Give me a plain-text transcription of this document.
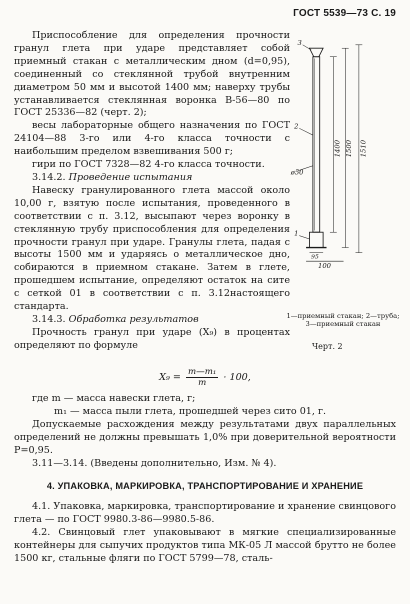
ГОСТ 5539—73 С. 19

Приспособление для определения прочности гранул глета при ударе представляет собой приемный стакан с металлическим дном (d=0,95), соединенный со стеклянной трубой внутренним диаметром 50 мм и высотой 1400 мм; наверху трубы устанавливается стеклянная воронка В-56—80 по ГОСТ 25336—82 (черт. 2);

весы лабораторные общего назначения по ГОСТ 24104—88 3-го или 4-го класса точности с наибольшим пределом взвешивания 500 г;

гири по ГОСТ 7328—82 4-го класса точности.

3.14.2. Проведение испытания

Навеску гранулированного глета массой около 10,00 г, взятую после испытания, проведенного в соответствии с п. 3.12, высыпают через воронку в стеклянную трубу приспособления для определения прочности гранул при ударе. Гранулы глета, падая с высоты 1500 мм и ударяясь о металлическое дно, собираются в приемном стакане. Затем в глете, прошедшем испытание, определяют остаток на сите с сеткой 01 в соответствии с п. 3.12настоящего стандарта.

3.14.3. Обработка результатов

Прочность гранул при ударе (X₉) в процентах определяют по формуле

3
2
ø50
1400 1500 1510
1
95
100
1—приемный стакан; 2—труба; 3—приемный стакан
Черт. 2
$X_9 = \frac{\text{m—m₁}}{m} \cdot 100$,

где m — масса навески глета, г;

m₁ — масса пыли глета, прошедшей через сито 01, г.

Допускаемые расхождения между результатами двух параллельных определений не должны превышать 1,0% при доверительной вероятности P=0,95.

3.11—3.14. (Введены дополнительно, Изм. № 4).

4. УПАКОВКА, МАРКИРОВКА, ТРАНСПОРТИРОВАНИЕ И ХРАНЕНИЕ

4.1. Упаковка, маркировка, транспортирование и хранение свинцового глета — по ГОСТ 9980.3-86—9980.5-86.

4.2. Свинцовый глет упаковывают в мягкие специализированные контейнеры для сыпучих продуктов типа МК-05 Л массой брутто не более 1500 кг, стальные фляги по ГОСТ 5799—78, сталь-
